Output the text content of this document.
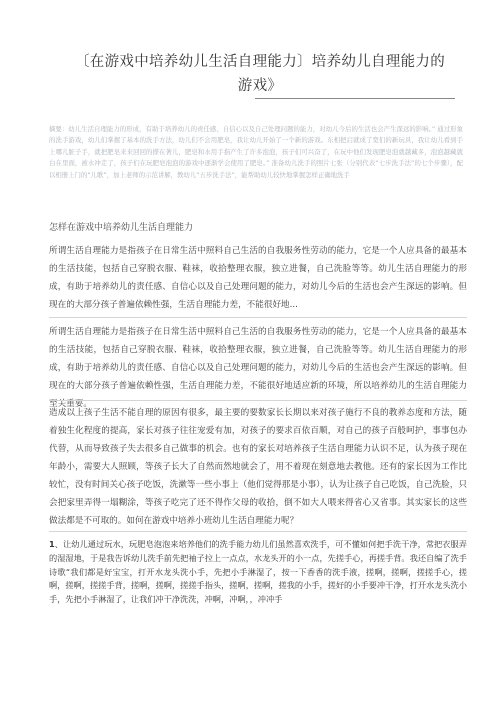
〔在游戏中培养幼儿生活自理能力〕培养幼儿自理能力的游戏》
摘要：幼儿生活自理能力的形成，有助于培养幼儿的责任感、自信心以及自己处理问题的能力，对幼儿今后的生活也会产生深远的影响。” 通过形象的洗手游戏，幼儿们掌握了基本的洗手方法，幼儿们不会用肥皂，我让幼儿开始了一个新的游戏。东相把启就成了宽们的新玩具，我让幼儿看到手上哪儿脏子手，就把肥皂来来回回的搽在著儿，肥皂和水用手指产生了许多泡泡，孩子们可兴奋了，在玩中他们发现肥皂泡就越藏多，泡泡越藏就白在里面，被水冲走了，孩子们在玩肥皂泡泡的游戏中逐渐学会使用了肥皂。” 准备幼儿洗手的照片七张（分别代表“七步洗手法”的七个步骤），配以相册上门的“儿歌”，加上老师的示范讲解，教幼儿“五步洗手法”，能帮助幼儿较快地掌握怎样正确地洗手
怎样在游戏中培养幼儿生活自理能力
所谓生活自理能力是指孩子在日常生活中照料自己生活的自我服务性劳动的能力，它是一个人应具备的最基本的生活技能，包括自己穿脱衣服、鞋袜，收拾整理衣服，独立进餐，自己洗脸等等。幼儿生活自理能力的形成，有助于培养幼儿的责任感、自信心以及自己处理问题的能力，对幼儿今后的生活也会产生深远的影响。但现在的大部分孩子普遍依赖性强，生活自理能力差，不能很好地...
所谓生活自理能力是指孩子在日常生活中照料自己生活的自我服务性劳动的能力，它是一个人应具备的最基本的生活技能，包括自己穿脱衣服、鞋袜，收拾整理衣服，独立进餐，自己洗脸等等。幼儿生活自理能力的形成，有助于培养幼儿的责任感、自信心以及自己处理问题的能力，对幼儿今后的生活也会产生深远的影响。但现在的大部分孩子普遍依赖性强，生活自理能力差，不能很好地适应新的环境，所以培养幼儿的生活自理能力至关重要。
造成以上孩子生活不能自理的原因有很多，最主要的要数家长长期以来对孩子施行不良的教养态度和方法，随着独生化程度的提高，家长对孩子往往宠爱有加，对孩子的要求百依百顺，对自己的孩子百般呵护，事事包办代替，从而导致孩子失去很多自己做事的机会。也有的家长对培养孩子生活自理能力认识不足，认为孩子现在年龄小，需要大人照顾，等孩子长大了自然而然地就会了，用不着现在刻意地去教他。还有的家长因为工作比较忙，没有时间关心孩子吃饭，洗漱等一些小事上（他们觉得那是小事），认为让孩子自己吃饭，自己洗脸，只会把家里弄得一塌糊涂，等孩子吃完了还不得作父母的收拾，倒不如大人喂来得省心又省事。其实家长的这些做法都是不可取的。如何在游戏中培养小班幼儿生活自理能力呢？
1、让幼儿通过玩水，玩肥皂泡泡来培养他们的洗手能力幼儿们虽然喜欢洗手，可不懂如何把手洗干净，常把衣服弄的湿湿地，于是我告诉幼儿洗手前先把袖子拉上一点点，水龙头开的小一点，先搓手心，再搓手背。我还自编了洗手诗歌“我们都是好宝宝，打开水龙头洗小手，先把小手淋湿了，按一下香香的洗手液，搓啊，搓啊，搓搓手心，搓啊，搓啊，搓搓手背，搓啊，搓啊，搓搓手指头，搓啊，搓啊，搓我的小手，搓好的小手要冲干净，打开水龙头洗小手，先把小手淋湿了，让我们冲干净洗洗，冲啊，冲啊，，冲冲手
